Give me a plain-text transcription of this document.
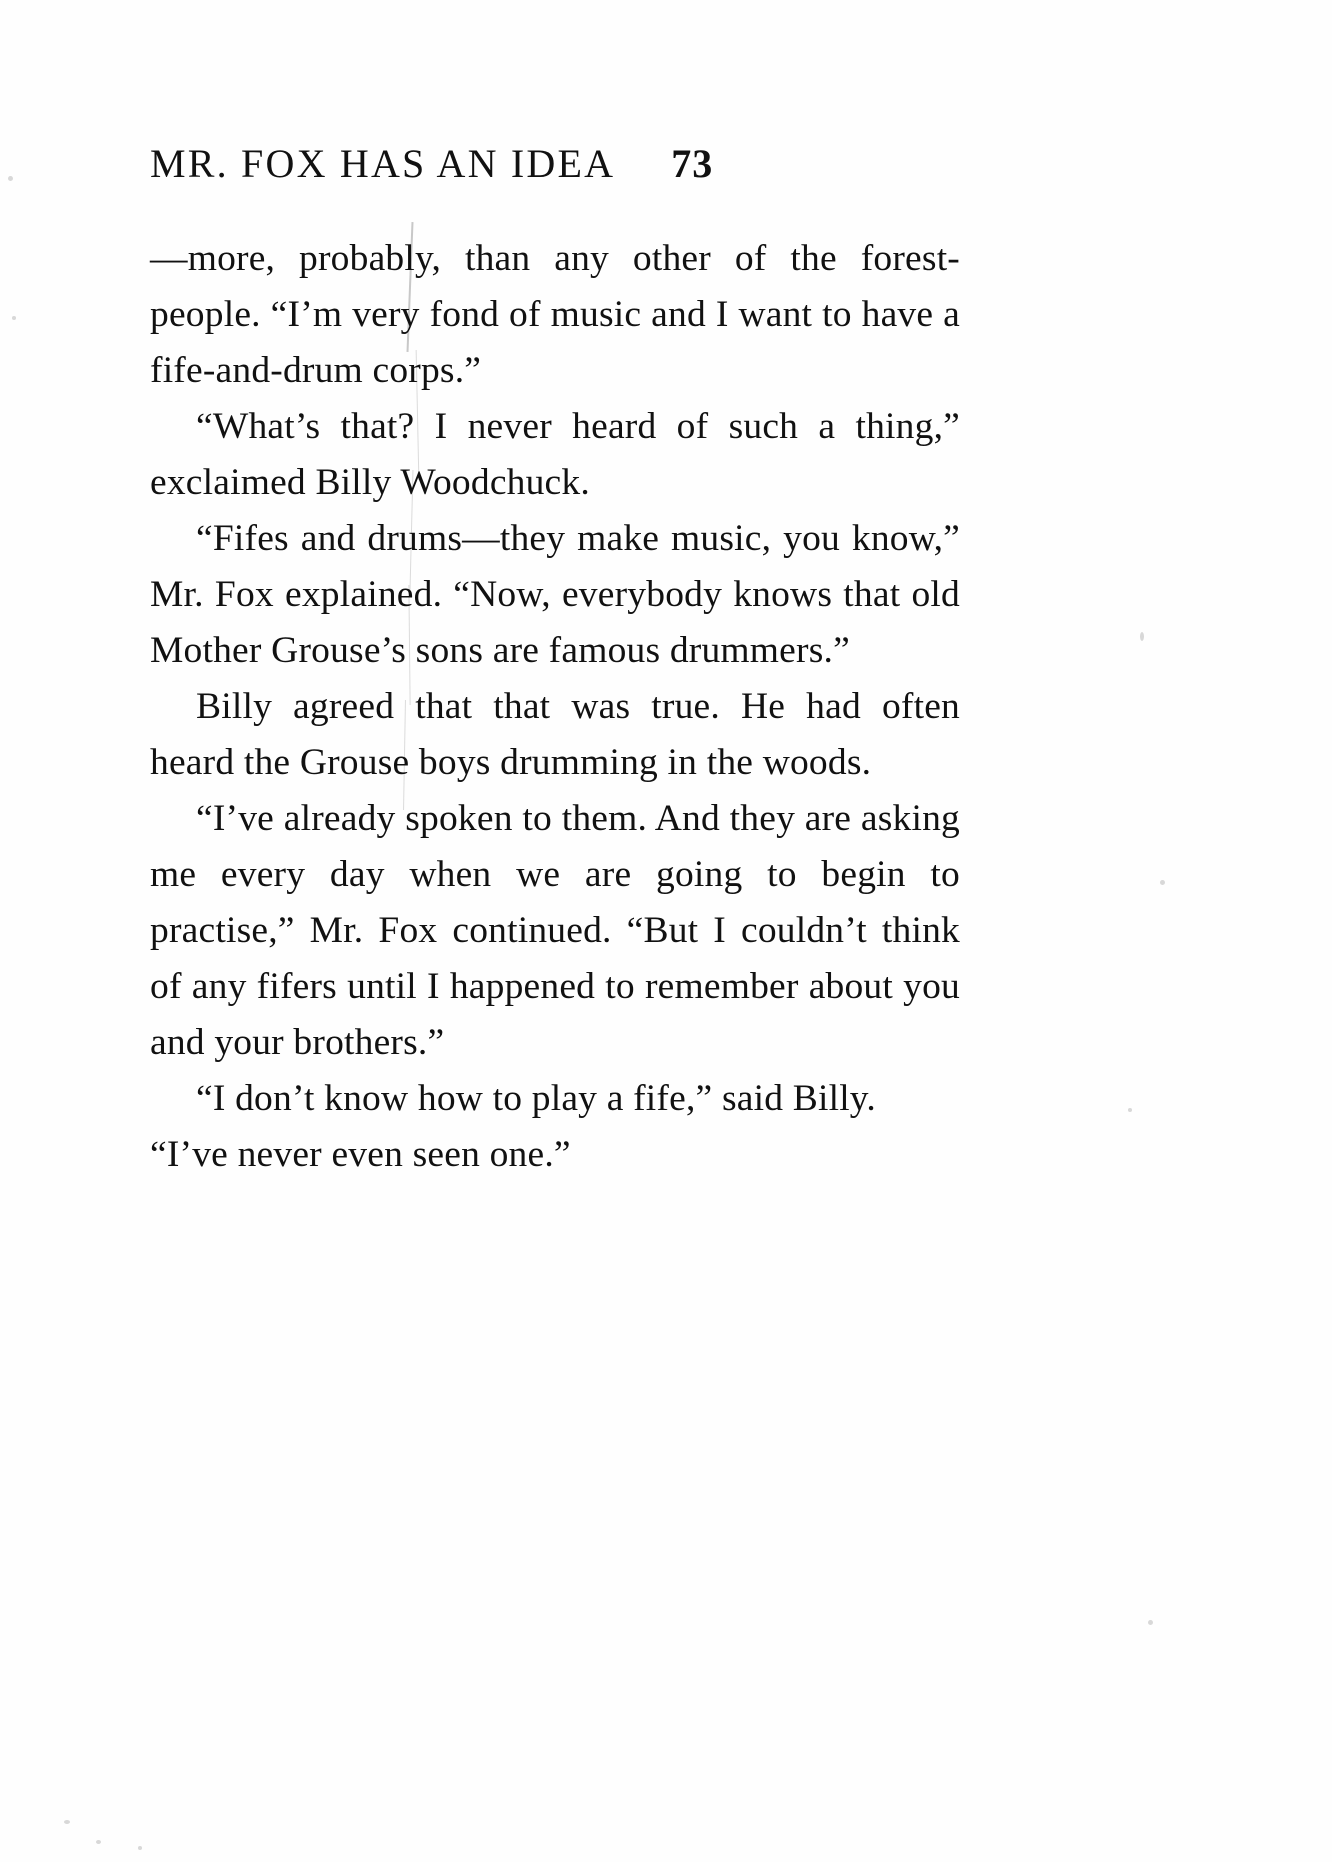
MR. FOX HAS AN IDEA 73

—more, probably, than any other of the forest-people. “I’m very fond of music and I want to have a fife-and-drum corps.”

“What’s that? I never heard of such a thing,” exclaimed Billy Woodchuck.

“Fifes and drums—they make music, you know,” Mr. Fox explained. “Now, everybody knows that old Mother Grouse’s sons are famous drummers.”

Billy agreed that that was true. He had often heard the Grouse boys drumming in the woods.

“I’ve already spoken to them. And they are asking me every day when we are going to begin to practise,” Mr. Fox continued. “But I couldn’t think of any fifers until I happened to remember about you and your brothers.”

“I don’t know how to play a fife,” said Billy. “I’ve never even seen one.”
